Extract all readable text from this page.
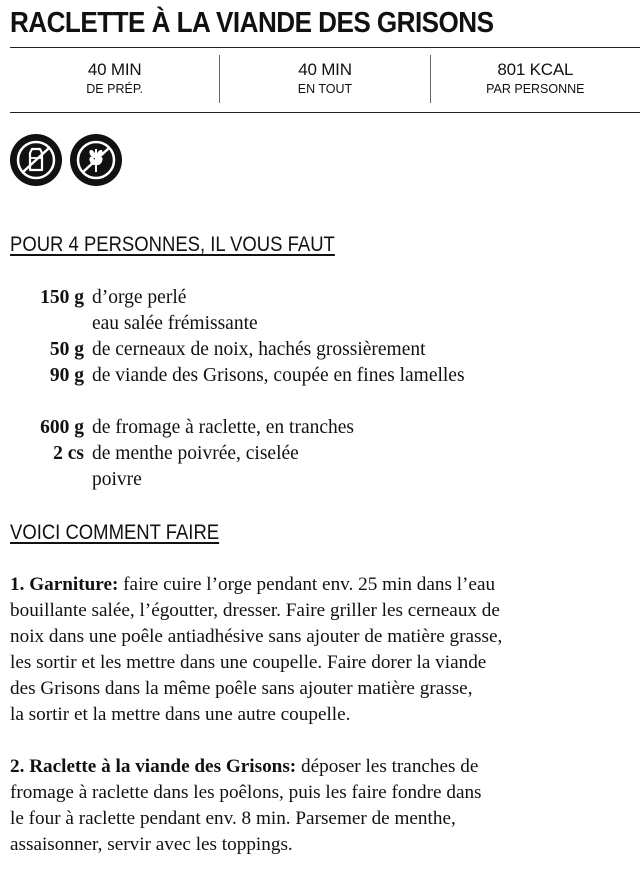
RACLETTE À LA VIANDE DES GRISONS
40 MIN
DE PRÉP.
40 MIN
EN TOUT
801 KCAL
PAR PERSONNE
POUR 4 PERSONNES, IL VOUS FAUT
150 g d’orge perlé
eau salée frémissante
50 g de cerneaux de noix, hachés grossièrement
90 g de viande des Grisons, coupée en fines lamelles
600 g de fromage à raclette, en tranches
2 cs de menthe poivrée, ciselée
poivre
VOICI COMMENT FAIRE
1. Garniture: faire cuire l’orge pendant env. 25 min dans l’eau
bouillante salée, l’égoutter, dresser. Faire griller les cerneaux de
noix dans une poêle antiadhésive sans ajouter de matière grasse,
les sortir et les mettre dans une coupelle. Faire dorer la viande
des Grisons dans la même poêle sans ajouter matière grasse,
la sortir et la mettre dans une autre coupelle.
2. Raclette à la viande des Grisons: déposer les tranches de
fromage à raclette dans les poêlons, puis les faire fondre dans
le four à raclette pendant env. 8 min. Parsemer de menthe,
assaisonner, servir avec les toppings.
